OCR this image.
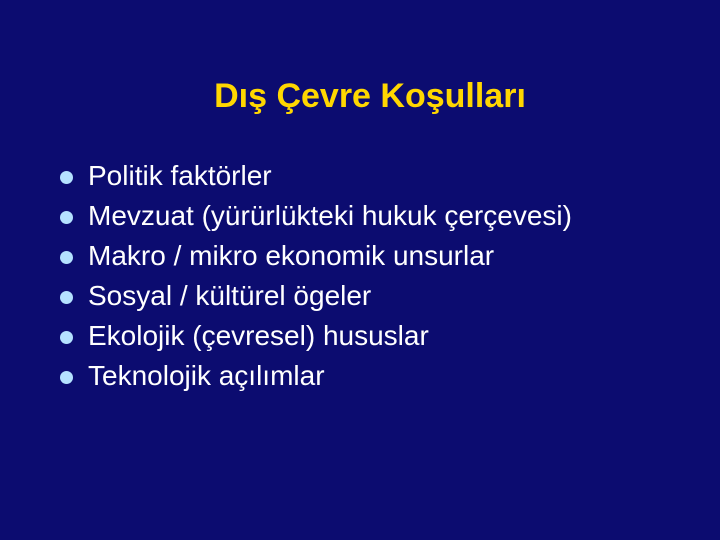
Dış Çevre Koşulları
Politik faktörler
Mevzuat (yürürlükteki hukuk çerçevesi)
Makro / mikro ekonomik unsurlar
Sosyal / kültürel ögeler
Ekolojik (çevresel) hususlar
Teknolojik açılımlar
